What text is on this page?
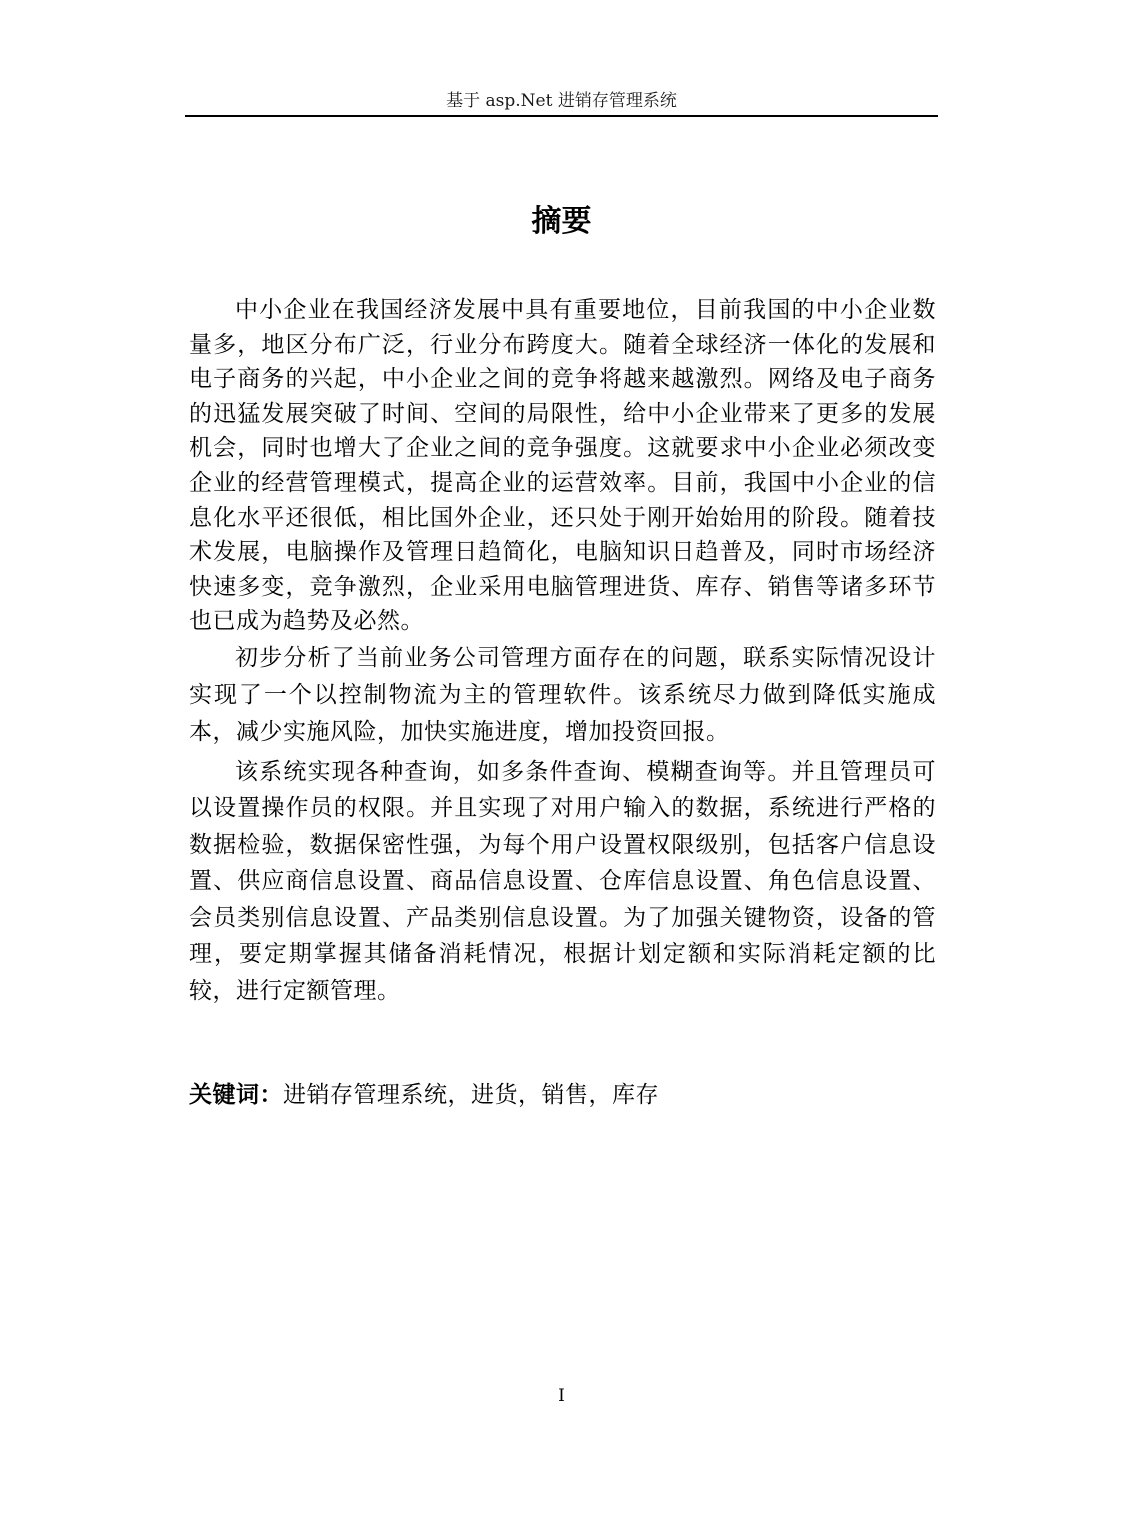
基于 asp.Net 进销存管理系统
摘要

中小企业在我国经济发展中具有重要地位，目前我国的中小企业数量多，地区分布广泛，行业分布跨度大。随着全球经济一体化的发展和电子商务的兴起，中小企业之间的竞争将越来越激烈。网络及电子商务的迅猛发展突破了时间、空间的局限性，给中小企业带来了更多的发展机会，同时也增大了企业之间的竞争强度。这就要求中小企业必须改变企业的经营管理模式，提高企业的运营效率。目前，我国中小企业的信息化水平还很低，相比国外企业，还只处于刚开始始用的阶段。随着技术发展，电脑操作及管理日趋简化，电脑知识日趋普及，同时市场经济快速多变，竞争激烈，企业采用电脑管理进货、库存、销售等诸多环节也已成为趋势及必然。

初步分析了当前业务公司管理方面存在的问题，联系实际情况设计实现了一个以控制物流为主的管理软件。该系统尽力做到降低实施成本，减少实施风险，加快实施进度，增加投资回报。

该系统实现各种查询，如多条件查询、模糊查询等。并且管理员可以设置操作员的权限。并且实现了对用户输入的数据，系统进行严格的数据检验，数据保密性强，为每个用户设置权限级别，包括客户信息设置、供应商信息设置、商品信息设置、仓库信息设置、角色信息设置、会员类别信息设置、产品类别信息设置。为了加强关键物资，设备的管理，要定期掌握其储备消耗情况，根据计划定额和实际消耗定额的比较，进行定额管理。

关键词：进销存管理系统，进货，销售，库存
I
